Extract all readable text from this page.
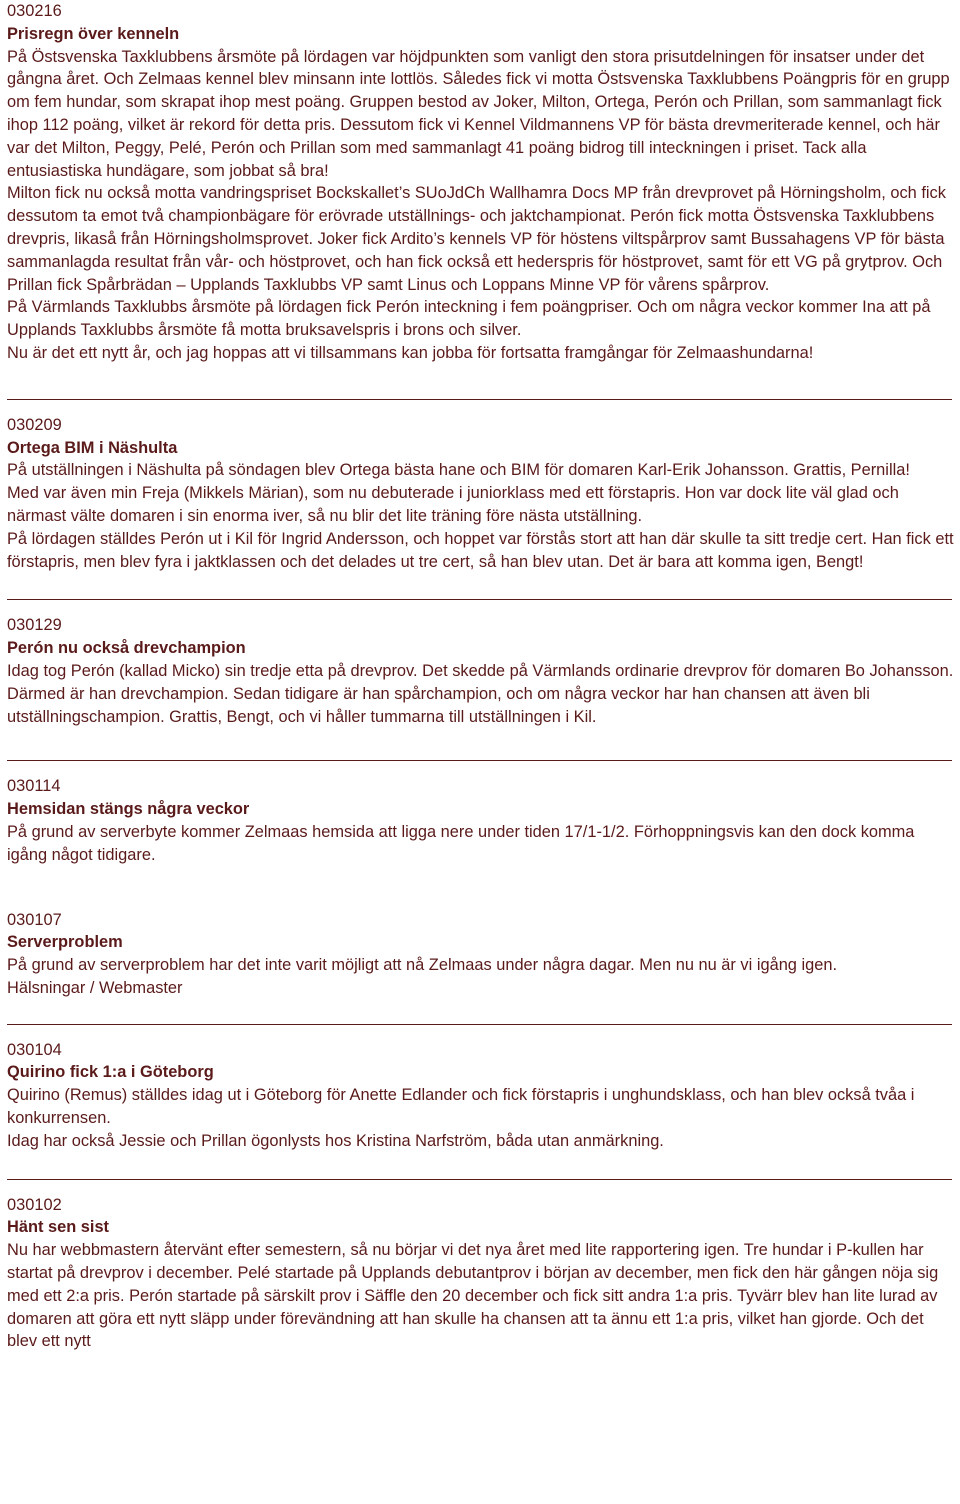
030216
Prisregn över kenneln
På Östsvenska Taxklubbens årsmöte på lördagen var höjdpunkten som vanligt den stora prisutdelningen för insatser under det gångna året. Och Zelmaas kennel blev minsann inte lottlös. Således fick vi motta Östsvenska Taxklubbens Poängpris för en grupp om fem hundar, som skrapat ihop mest poäng. Gruppen bestod av Joker, Milton, Ortega, Perón och Prillan, som sammanlagt fick ihop 112 poäng, vilket är rekord för detta pris. Dessutom fick vi Kennel Vildmannens VP för bästa drevmeriterade kennel, och här var det Milton, Peggy, Pelé, Perón och Prillan som med sammanlagt 41 poäng bidrog till inteckningen i priset. Tack alla entusiastiska hundägare, som jobbat så bra!
Milton fick nu också motta vandringspriset Bockskallet’s SUoJdCh Wallhamra Docs MP från drevprovet på Hörningsholm, och fick dessutom ta emot två championbägare för erövrade utställnings- och jaktchampionat. Perón fick motta Östsvenska Taxklubbens drevpris, likaså från Hörningsholmsprovet. Joker fick Ardito’s kennels VP för höstens viltspårprov samt Bussahagens VP för bästa sammanlagda resultat från vår- och höstprovet, och han fick också ett hederspris för höstprovet, samt för ett VG på grytprov. Och Prillan fick Spårbrädan – Upplands Taxklubbs VP samt Linus och Loppans Minne VP för vårens spårprov.
På Värmlands Taxklubbs årsmöte på lördagen fick Perón inteckning i fem poängpriser. Och om några veckor kommer Ina att på Upplands Taxklubbs årsmöte få motta bruksavelspris i brons och silver.
Nu är det ett nytt år, och jag hoppas att vi tillsammans kan jobba för fortsatta framgångar för Zelmaashundarna!
030209
Ortega BIM i Näshulta
På utställningen i Näshulta på söndagen blev Ortega bästa hane och BIM för domaren Karl-Erik Johansson. Grattis, Pernilla!
Med var även min Freja (Mikkels Märian), som nu debuterade i juniorklass med ett förstapris. Hon var dock lite väl glad och närmast välte domaren i sin enorma iver, så nu blir det lite träning före nästa utställning.
På lördagen ställdes Perón ut i Kil för Ingrid Andersson, och hoppet var förstås stort att han där skulle ta sitt tredje cert. Han fick ett förstapris, men blev fyra i jaktklassen och det delades ut tre cert, så han blev utan. Det är bara att komma igen, Bengt!
030129
Perón nu också drevchampion
Idag tog Perón (kallad Micko) sin tredje etta på drevprov. Det skedde på Värmlands ordinarie drevprov för domaren Bo Johansson. Därmed är han drevchampion. Sedan tidigare är han spårchampion, och om några veckor har han chansen att även bli utställningschampion. Grattis, Bengt, och vi håller tummarna till utställningen i Kil.
030114
Hemsidan stängs några veckor
På grund av serverbyte kommer Zelmaas hemsida att ligga nere under tiden 17/1-1/2. Förhoppningsvis kan den dock komma igång något tidigare.
030107
Serverproblem
På grund av serverproblem har det inte varit möjligt att nå Zelmaas under några dagar. Men nu nu är vi igång igen.
Hälsningar / Webmaster
030104
Quirino fick 1:a i Göteborg
Quirino (Remus) ställdes idag ut i Göteborg för Anette Edlander och fick förstapris i unghundsklass, och han blev också tvåa i konkurrensen.
Idag har också Jessie och Prillan ögonlysts hos Kristina Narfström, båda utan anmärkning.
030102
Hänt sen sist
Nu har webbmastern återvänt efter semestern, så nu börjar vi det nya året med lite rapportering igen. Tre hundar i P-kullen har startat på drevprov i december. Pelé startade på Upplands debutantprov i början av december, men fick den här gången nöja sig med ett 2:a pris. Perón startade på särskilt prov i Säffle den 20 december och fick sitt andra 1:a pris. Tyvärr blev han lite lurad av domaren att göra ett nytt släpp under förevändning att han skulle ha chansen att ta ännu ett 1:a pris, vilket han gjorde. Och det blev ett nytt
